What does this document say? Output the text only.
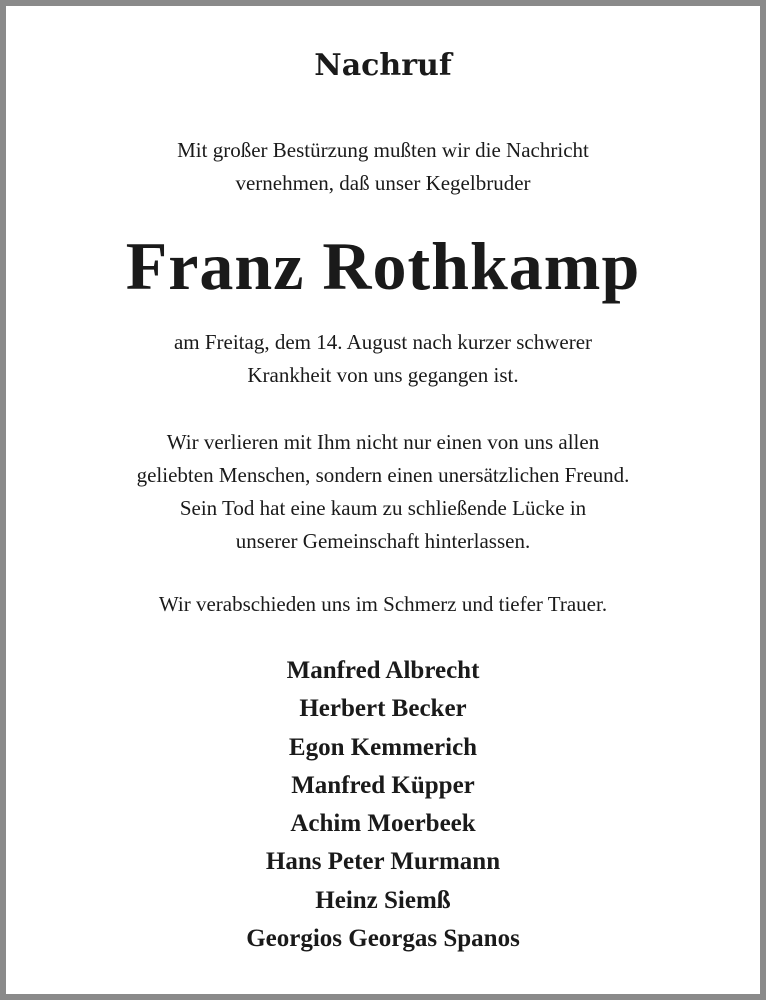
Nachruf
Mit großer Bestürzung mußten wir die Nachricht
vernehmen, daß unser Kegelbruder
Franz Rothkamp
am Freitag, dem 14. August nach kurzer schwerer
Krankheit von uns gegangen ist.
Wir verlieren mit Ihm nicht nur einen von uns allen
geliebten Menschen, sondern einen unersätzlichen Freund.
Sein Tod hat eine kaum zu schließende Lücke in
unserer Gemeinschaft hinterlassen.
Wir verabschieden uns im Schmerz und tiefer Trauer.
Manfred Albrecht
Herbert Becker
Egon Kemmerich
Manfred Küpper
Achim Moerbeek
Hans Peter Murmann
Heinz Siemß
Georgios Georgas Spanos
